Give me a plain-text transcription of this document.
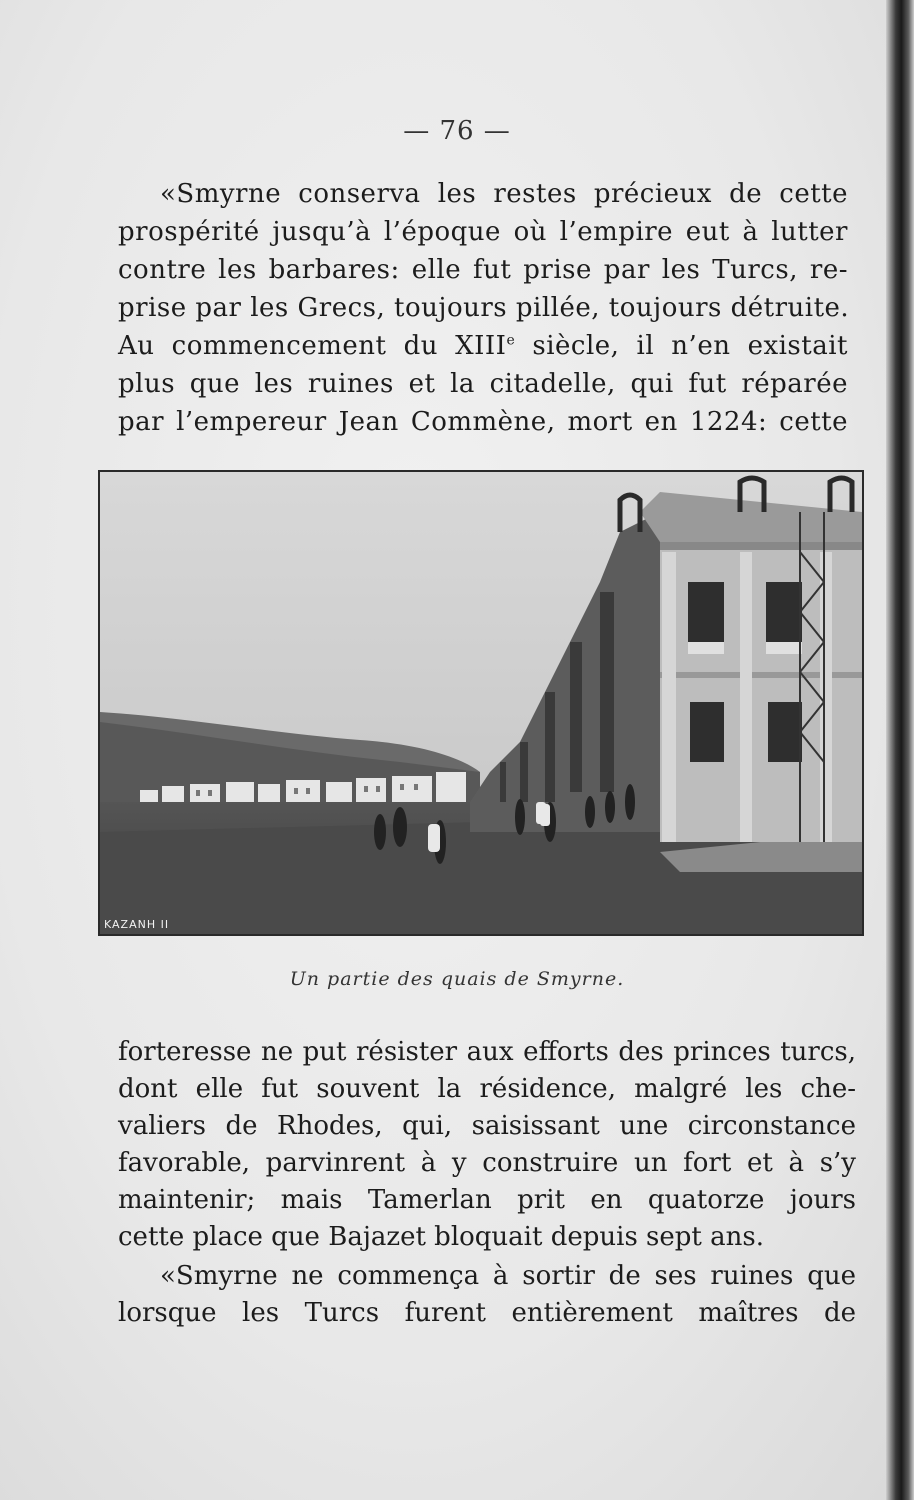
— 76 —
«Smyrne conserva les restes précieux de cette
prospérité jusqu’à l’époque où l’empire eut à lutter
contre les barbares: elle fut prise par les Turcs, re-
prise par les Grecs, toujours pillée, toujours détruite.
Au commencement du XIIIe siècle, il n’en existait
plus que les ruines et la citadelle, qui fut réparée
par l’empereur Jean Commène, mort en 1224: cette
KAZANH ΙΙ
Un partie des quais de Smyrne.
forteresse ne put résister aux efforts des princes turcs,
dont elle fut souvent la résidence, malgré les che-
valiers de Rhodes, qui, saisissant une circonstance
favorable, parvinrent à y construire un fort et à s’y
maintenir; mais Tamerlan prit en quatorze jours
cette place que Bajazet bloquait depuis sept ans.
«Smyrne ne commença à sortir de ses ruines que
lorsque les Turcs furent entièrement maîtres de
